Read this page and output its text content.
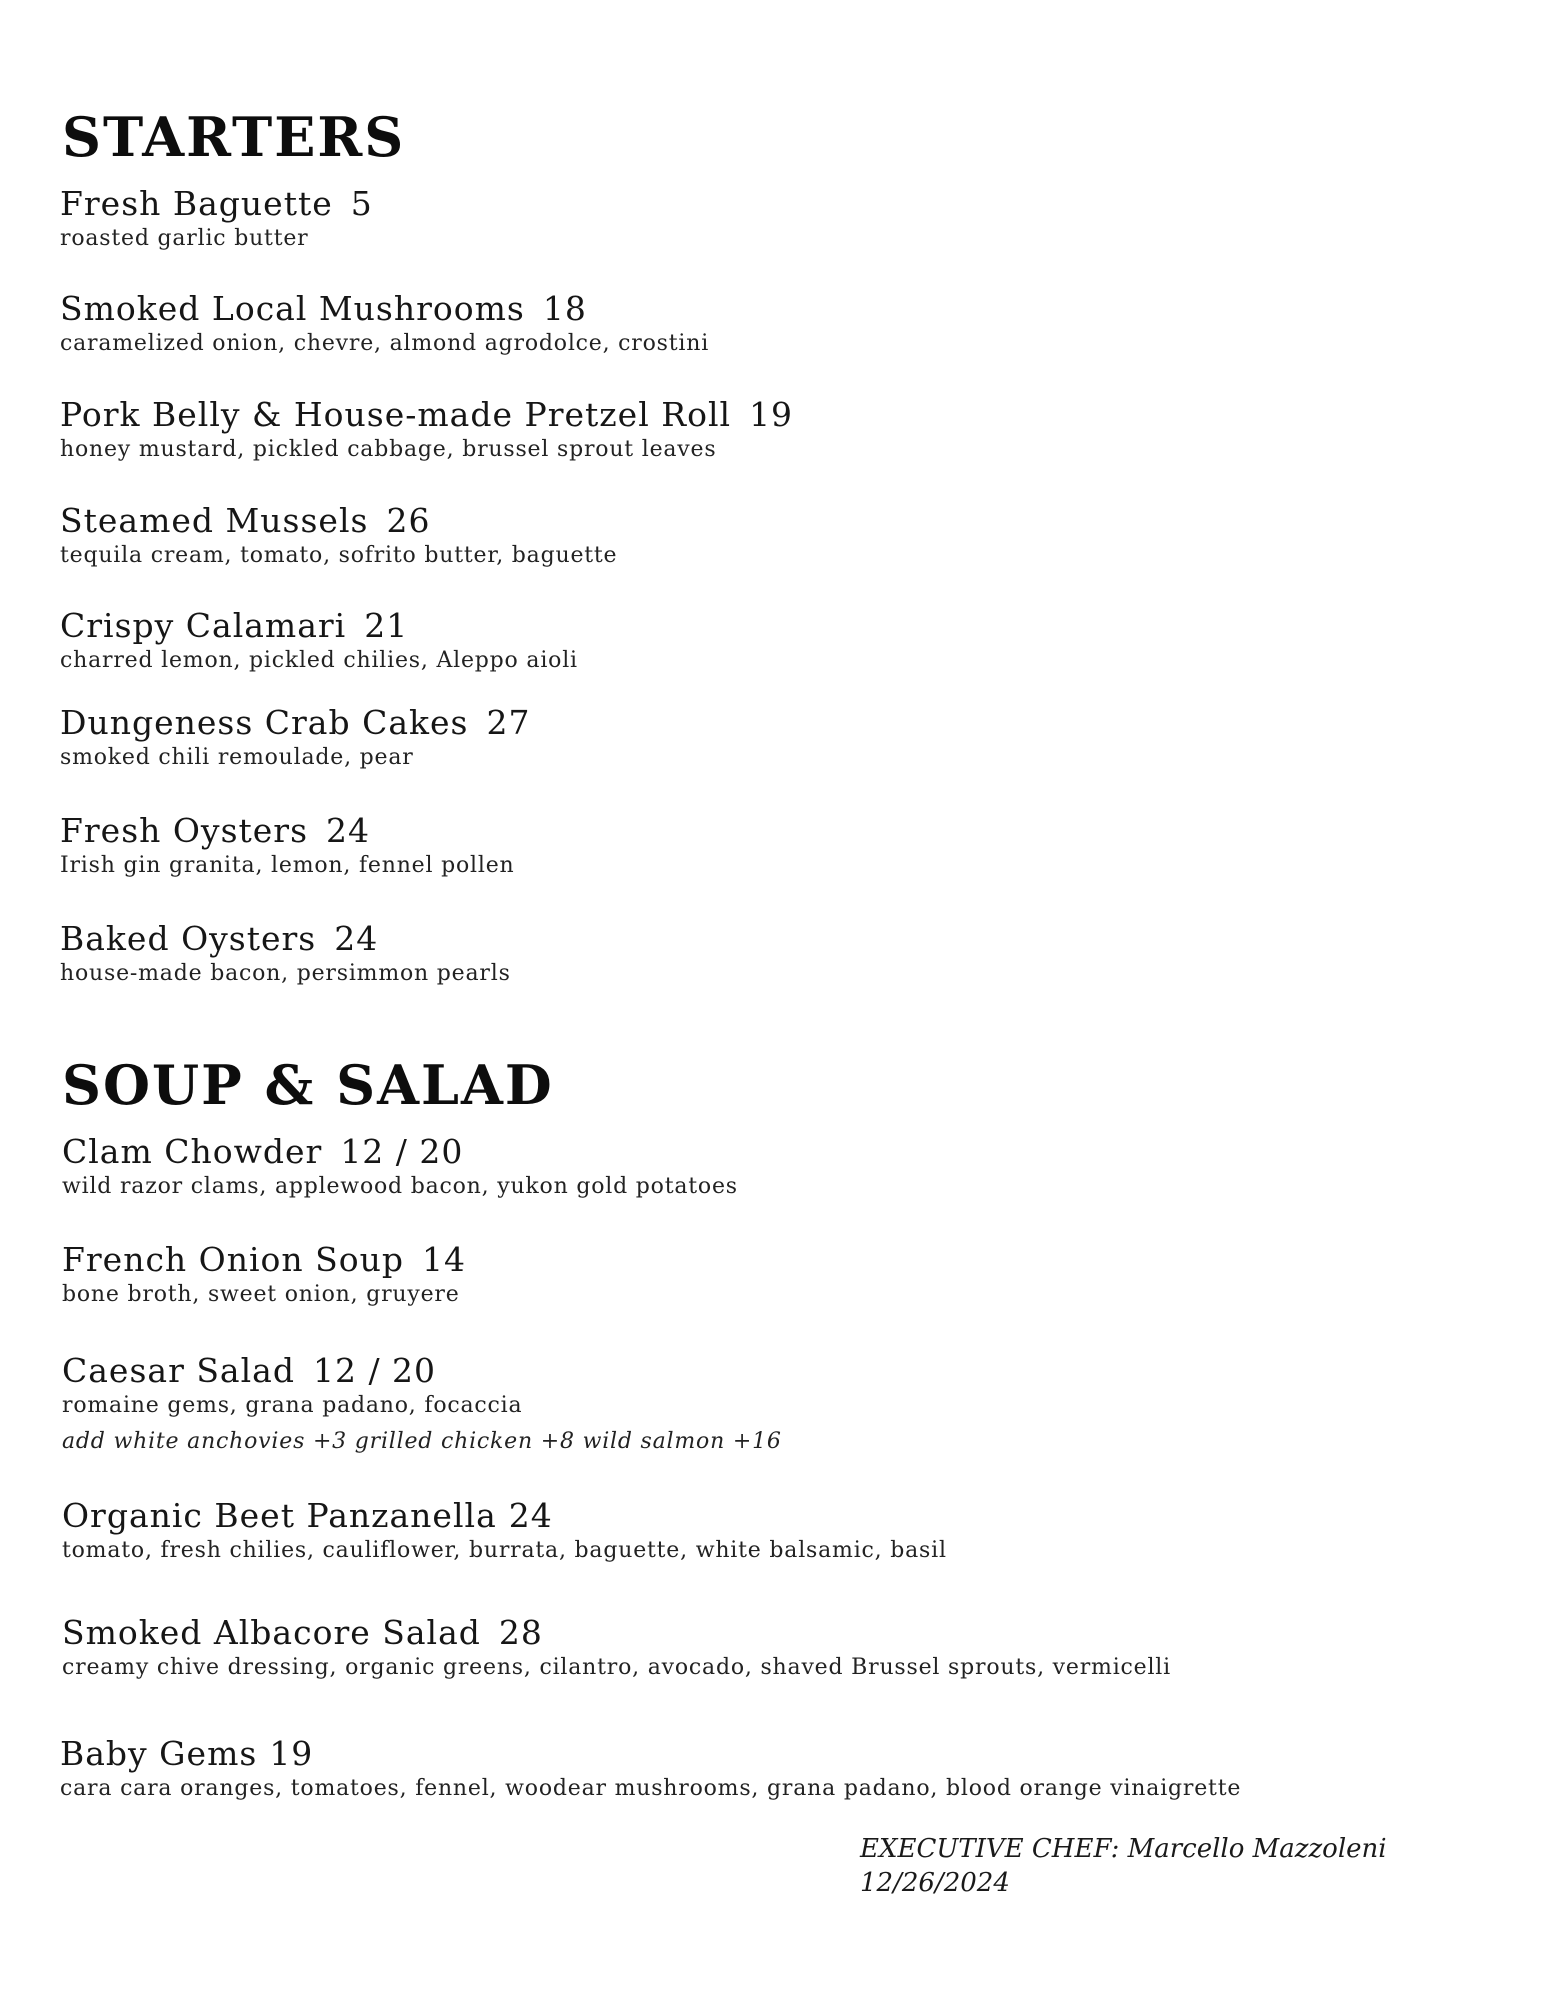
STARTERS
Fresh Baguette 5
roasted garlic butter
Smoked Local Mushrooms 18
caramelized onion, chevre, almond agrodolce, crostini
Pork Belly & House-made Pretzel Roll 19
honey mustard, pickled cabbage, brussel sprout leaves
Steamed Mussels 26
tequila cream, tomato, sofrito butter, baguette
Crispy Calamari 21
charred lemon, pickled chilies, Aleppo aioli
Dungeness Crab Cakes 27
smoked chili remoulade, pear
Fresh Oysters 24
Irish gin granita, lemon, fennel pollen
Baked Oysters 24
house-made bacon, persimmon pearls
SOUP & SALAD
Clam Chowder 12 / 20
wild razor clams, applewood bacon, yukon gold potatoes
French Onion Soup 14
bone broth, sweet onion, gruyere
Caesar Salad 12 / 20
romaine gems, grana padano, focaccia
add white anchovies +3 grilled chicken +8 wild salmon +16
Organic Beet Panzanella 24
tomato, fresh chilies, cauliflower, burrata, baguette, white balsamic, basil
Smoked Albacore Salad 28
creamy chive dressing, organic greens, cilantro, avocado, shaved Brussel sprouts, vermicelli
Baby Gems 19
cara cara oranges, tomatoes, fennel, woodear mushrooms, grana padano, blood orange vinaigrette
EXECUTIVE CHEF: Marcello Mazzoleni
12/26/2024
